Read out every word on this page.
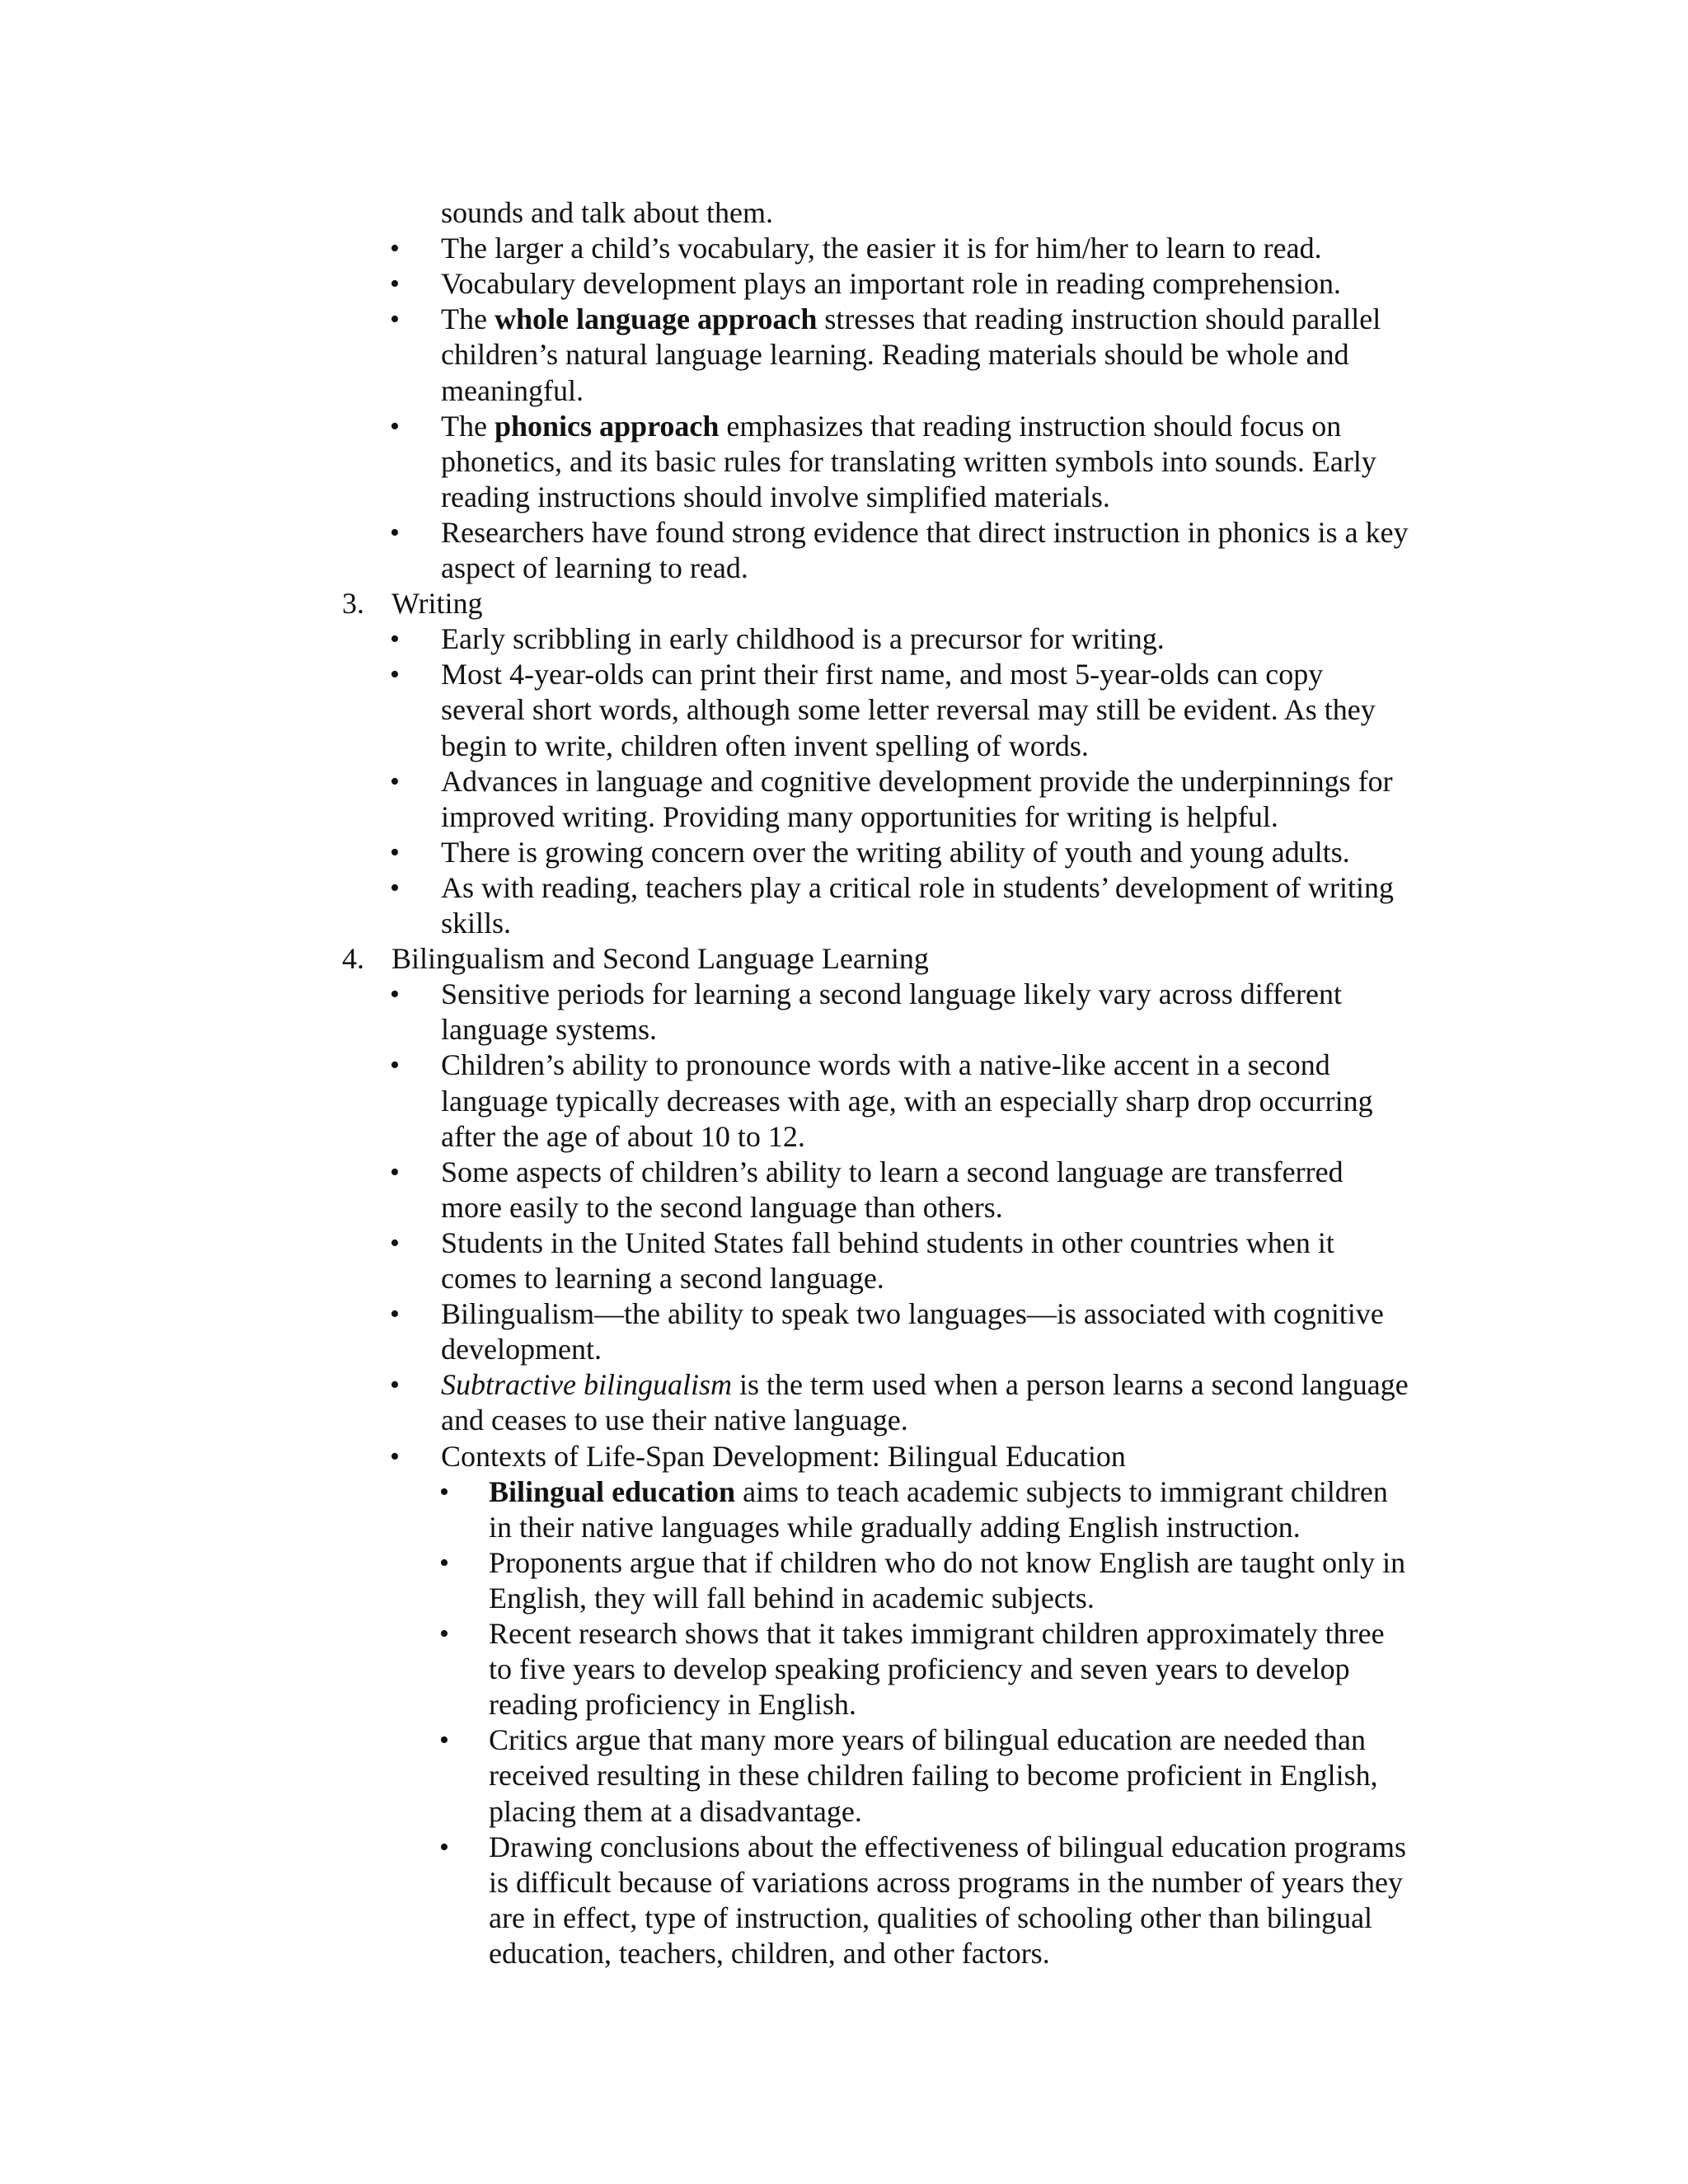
sounds and talk about them.
• The larger a child’s vocabulary, the easier it is for him/her to learn to read.
• Vocabulary development plays an important role in reading comprehension.
• The whole language approach stresses that reading instruction should parallel
children’s natural language learning. Reading materials should be whole and
meaningful.
• The phonics approach emphasizes that reading instruction should focus on
phonetics, and its basic rules for translating written symbols into sounds. Early
reading instructions should involve simplified materials.
• Researchers have found strong evidence that direct instruction in phonics is a key
aspect of learning to read.
3. Writing
• Early scribbling in early childhood is a precursor for writing.
• Most 4-year-olds can print their first name, and most 5-year-olds can copy
several short words, although some letter reversal may still be evident. As they
begin to write, children often invent spelling of words.
• Advances in language and cognitive development provide the underpinnings for
improved writing. Providing many opportunities for writing is helpful.
• There is growing concern over the writing ability of youth and young adults.
• As with reading, teachers play a critical role in students’ development of writing
skills.
4. Bilingualism and Second Language Learning
• Sensitive periods for learning a second language likely vary across different
language systems.
• Children’s ability to pronounce words with a native-like accent in a second
language typically decreases with age, with an especially sharp drop occurring
after the age of about 10 to 12.
• Some aspects of children’s ability to learn a second language are transferred
more easily to the second language than others.
• Students in the United States fall behind students in other countries when it
comes to learning a second language.
• Bilingualism—the ability to speak two languages—is associated with cognitive
development.
• Subtractive bilingualism is the term used when a person learns a second language
and ceases to use their native language.
• Contexts of Life-Span Development: Bilingual Education
• Bilingual education aims to teach academic subjects to immigrant children
in their native languages while gradually adding English instruction.
• Proponents argue that if children who do not know English are taught only in
English, they will fall behind in academic subjects.
• Recent research shows that it takes immigrant children approximately three
to five years to develop speaking proficiency and seven years to develop
reading proficiency in English.
• Critics argue that many more years of bilingual education are needed than
received resulting in these children failing to become proficient in English,
placing them at a disadvantage.
• Drawing conclusions about the effectiveness of bilingual education programs
is difficult because of variations across programs in the number of years they
are in effect, type of instruction, qualities of schooling other than bilingual
education, teachers, children, and other factors.
